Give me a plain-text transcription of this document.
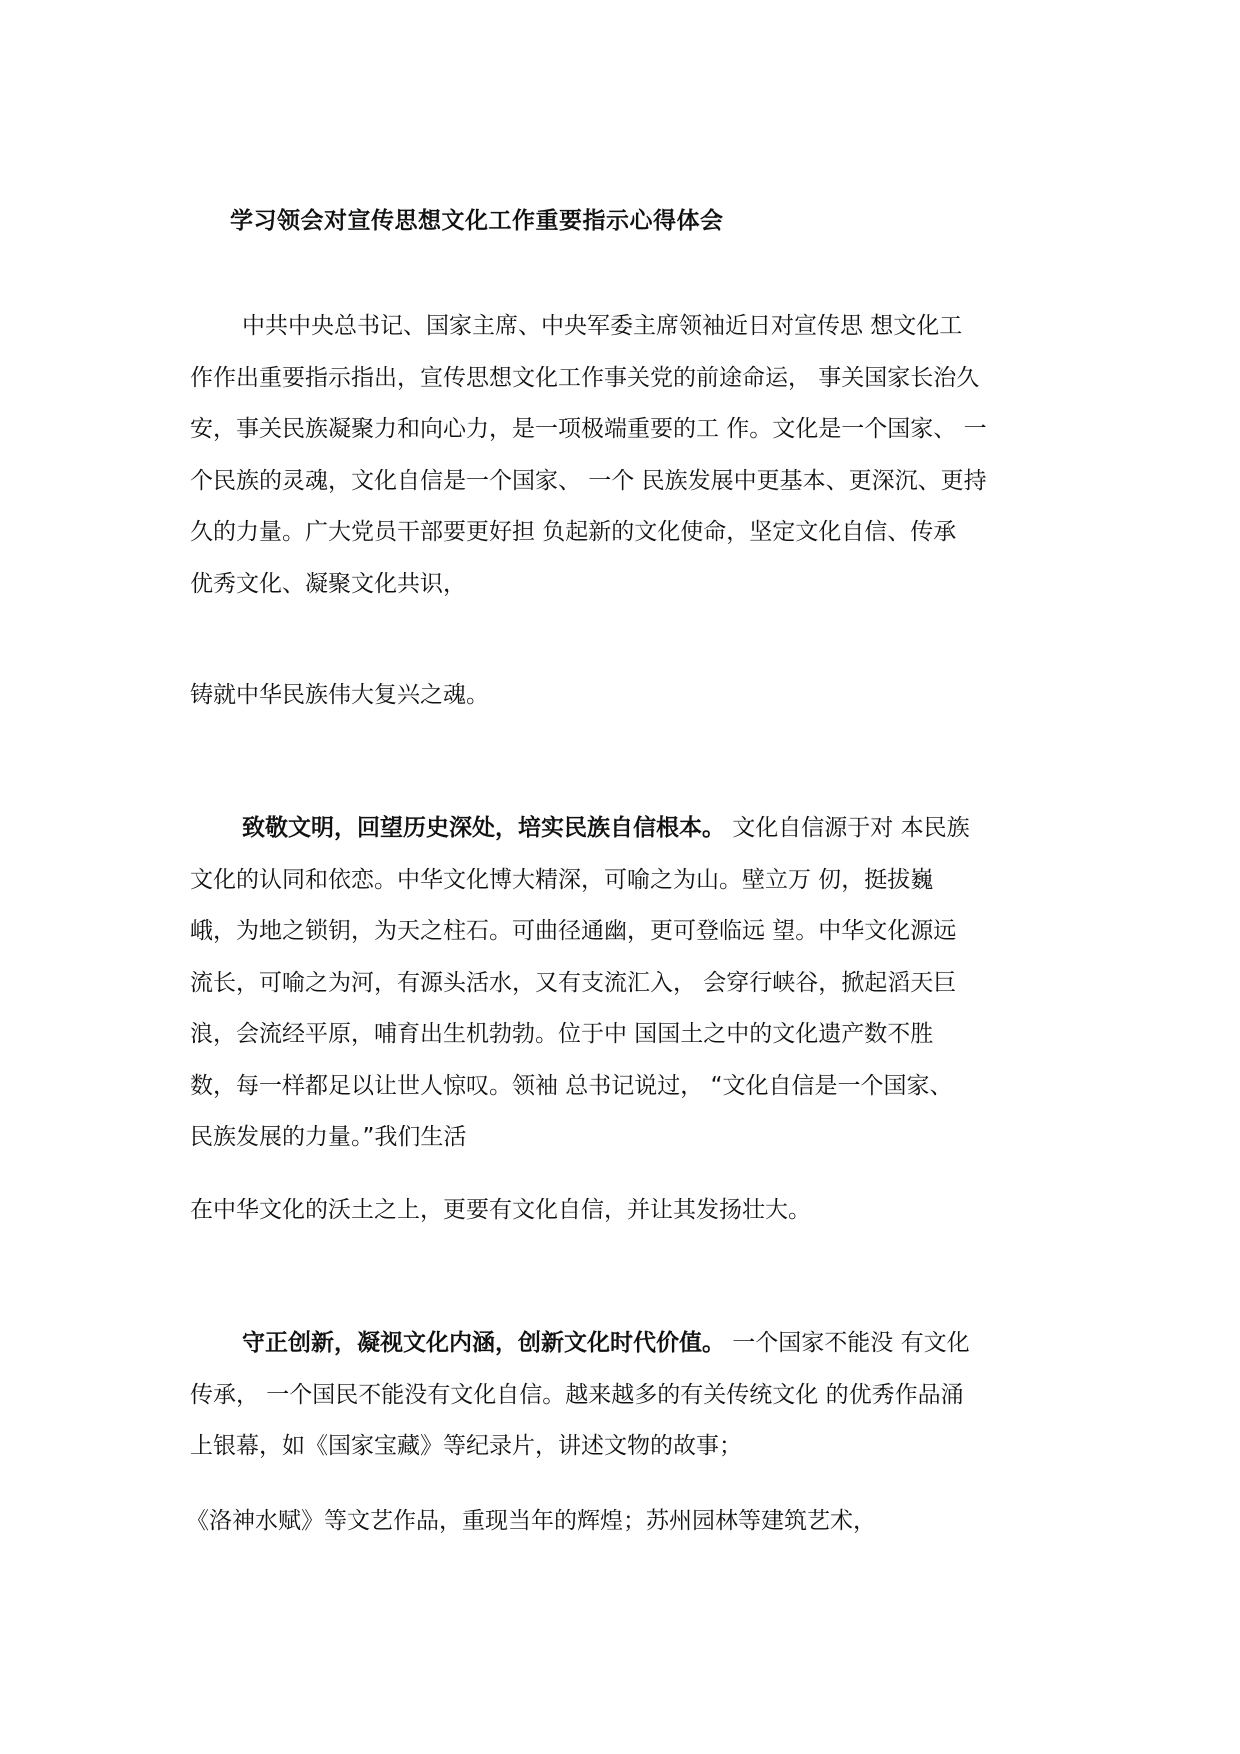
学习领会对宣传思想文化工作重要指示心得体会
中共中央总书记、国家主席、中央军委主席领袖近日对宣传思 想文化工
作作出重要指示指出，宣传思想文化工作事关党的前途命运， 事关国家长治久
安，事关民族凝聚力和向心力，是一项极端重要的工 作。文化是一个国家、 一
个民族的灵魂，文化自信是一个国家、 一个 民族发展中更基本、更深沉、更持
久的力量。广大党员干部要更好担 负起新的文化使命，坚定文化自信、传承
优秀文化、凝聚文化共识，
铸就中华民族伟大复兴之魂。
致敬文明，回望历史深处，培实民族自信根本。 文化自信源于对 本民族
文化的认同和依恋。中华文化博大精深，可喻之为山。壁立万 仞，挺拔巍
峨，为地之锁钥，为天之柱石。可曲径通幽，更可登临远 望。中华文化源远
流长，可喻之为河，有源头活水，又有支流汇入， 会穿行峡谷，掀起滔天巨
浪，会流经平原，哺育出生机勃勃。位于中 国国土之中的文化遗产数不胜
数，每一样都足以让世人惊叹。领袖 总书记说过， “文化自信是一个国家、
民族发展的力量。”我们生活
在中华文化的沃土之上，更要有文化自信，并让其发扬壮大。
守正创新，凝视文化内涵，创新文化时代价值。 一个国家不能没 有文化
传承， 一个国民不能没有文化自信。越来越多的有关传统文化 的优秀作品涌
上银幕，如《国家宝藏》等纪录片，讲述文物的故事；
《洛神水赋》等文艺作品，重现当年的辉煌；苏州园林等建筑艺术，
